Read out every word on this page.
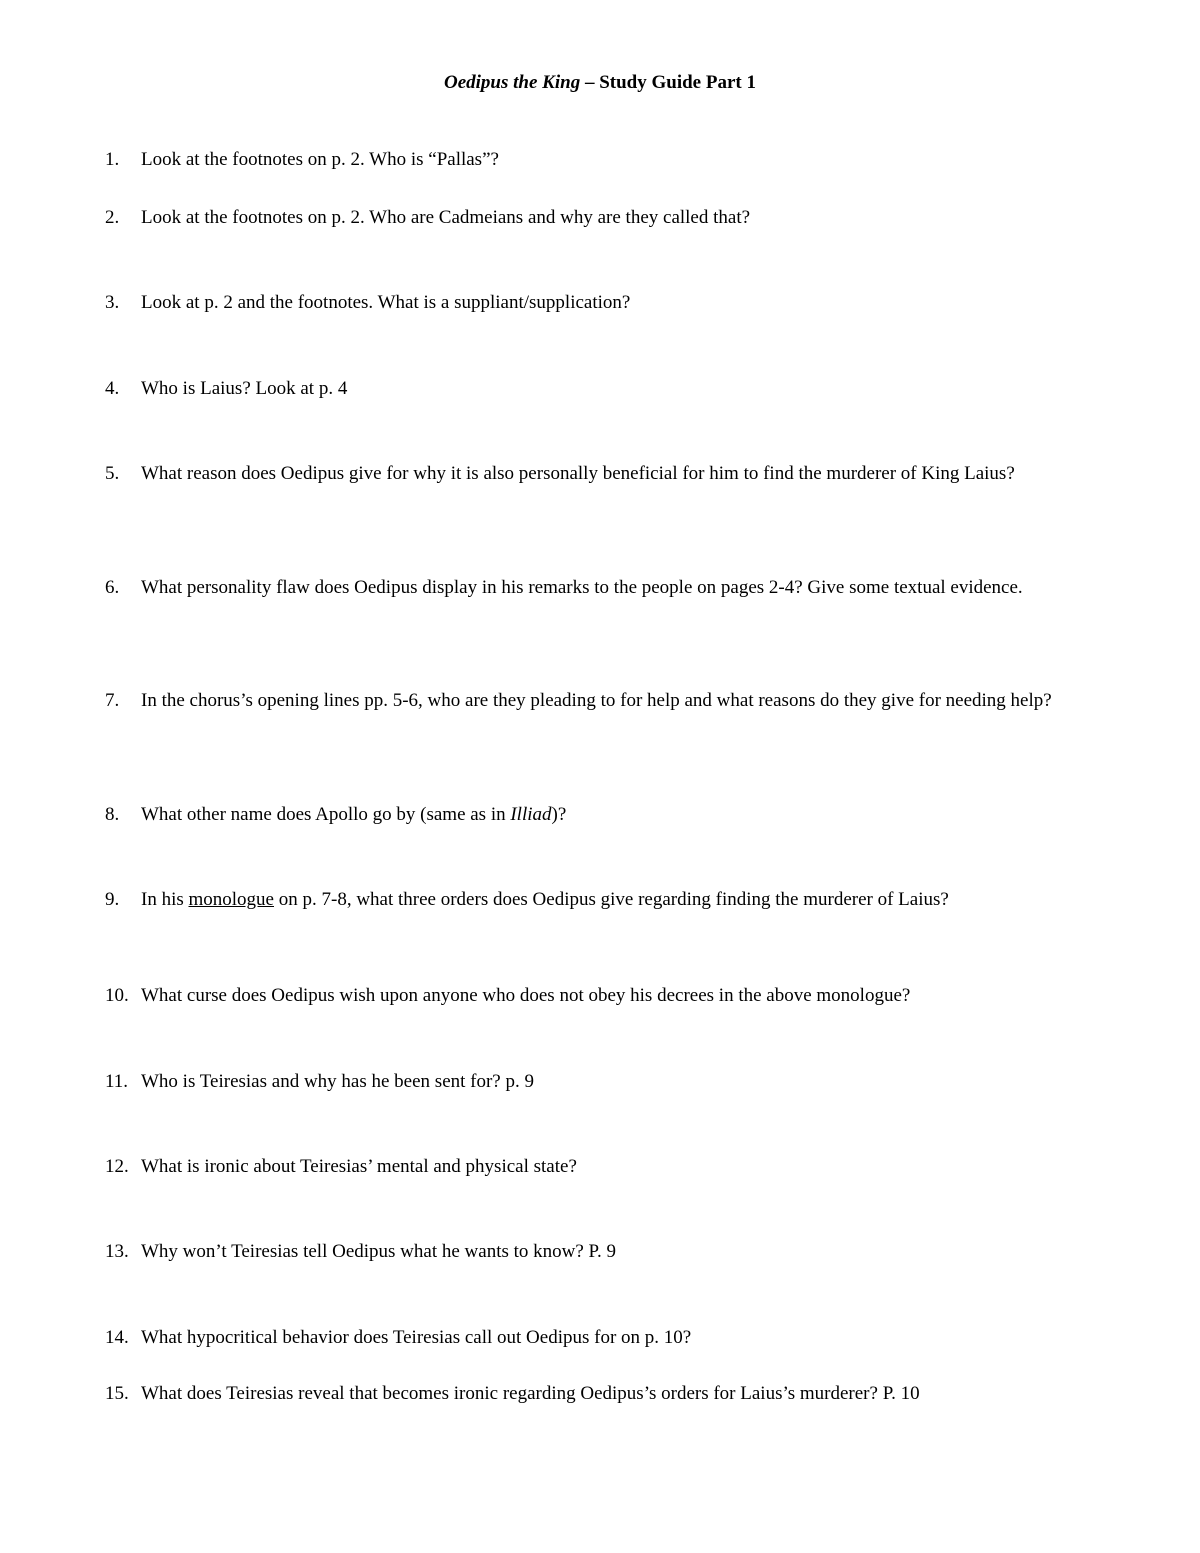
Oedipus the King – Study Guide Part 1
1. Look at the footnotes on p. 2. Who is “Pallas”?
2. Look at the footnotes on p. 2. Who are Cadmeians and why are they called that?
3. Look at p. 2 and the footnotes. What is a suppliant/supplication?
4. Who is Laius? Look at p. 4
5. What reason does Oedipus give for why it is also personally beneficial for him to find the murderer of King Laius?
6. What personality flaw does Oedipus display in his remarks to the people on pages 2-4? Give some textual evidence.
7. In the chorus’s opening lines pp. 5-6, who are they pleading to for help and what reasons do they give for needing help?
8. What other name does Apollo go by (same as in Illiad)?
9. In his monologue on p. 7-8, what three orders does Oedipus give regarding finding the murderer of Laius?
10. What curse does Oedipus wish upon anyone who does not obey his decrees in the above monologue?
11. Who is Teiresias and why has he been sent for? p. 9
12. What is ironic about Teiresias’ mental and physical state?
13. Why won’t Teiresias tell Oedipus what he wants to know? P. 9
14. What hypocritical behavior does Teiresias call out Oedipus for on p. 10?
15. What does Teiresias reveal that becomes ironic regarding Oedipus’s orders for Laius’s murderer? P. 10
